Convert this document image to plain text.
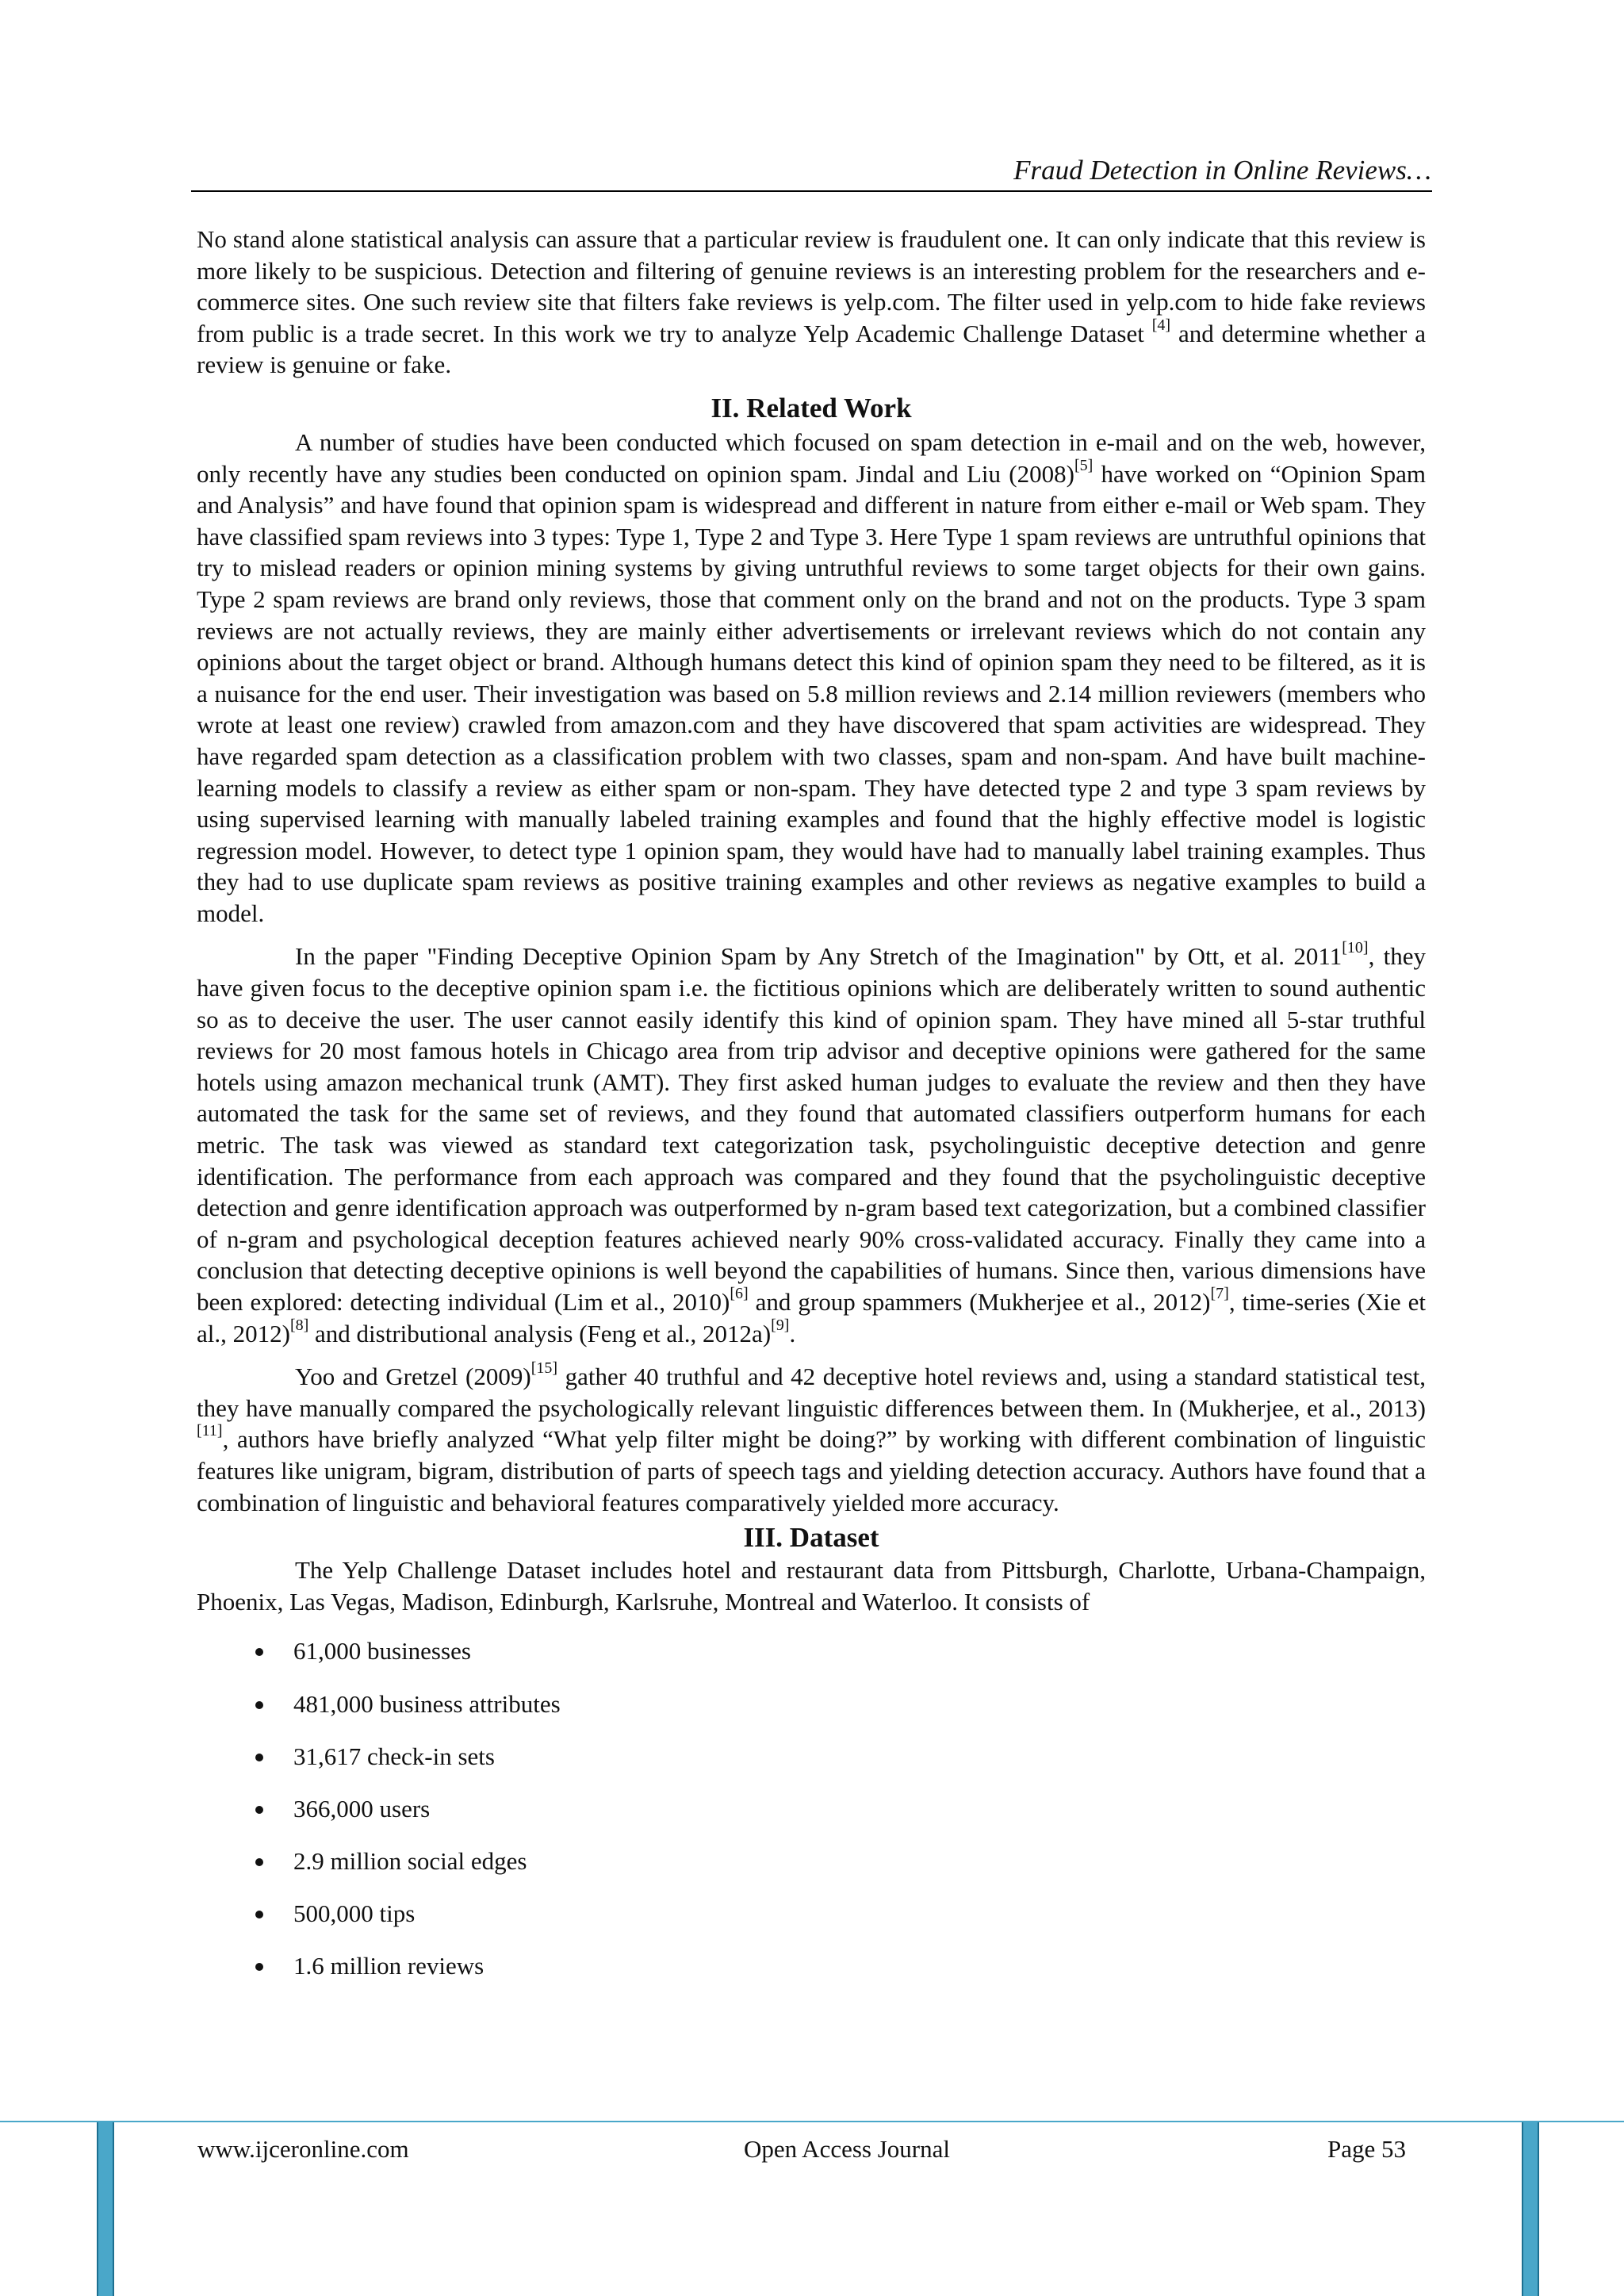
Fraud Detection in Online Reviews…

No stand alone statistical analysis can assure that a particular review is fraudulent one. It can only indicate that this review is more likely to be suspicious. Detection and filtering of genuine reviews is an interesting problem for the researchers and e-commerce sites. One such review site that filters fake reviews is yelp.com. The filter used in yelp.com to hide fake reviews from public is a trade secret. In this work we try to analyze Yelp Academic Challenge Dataset [4] and determine whether a review is genuine or fake.

II. Related Work

A number of studies have been conducted which focused on spam detection in e-mail and on the web, however, only recently have any studies been conducted on opinion spam. Jindal and Liu (2008)[5] have worked on “Opinion Spam and Analysis” and have found that opinion spam is widespread and different in nature from either e-mail or Web spam. They have classified spam reviews into 3 types: Type 1, Type 2 and Type 3. Here Type 1 spam reviews are untruthful opinions that try to mislead readers or opinion mining systems by giving untruthful reviews to some target objects for their own gains. Type 2 spam reviews are brand only reviews, those that comment only on the brand and not on the products. Type 3 spam reviews are not actually reviews, they are mainly either advertisements or irrelevant reviews which do not contain any opinions about the target object or brand. Although humans detect this kind of opinion spam they need to be filtered, as it is a nuisance for the end user. Their investigation was based on 5.8 million reviews and 2.14 million reviewers (members who wrote at least one review) crawled from amazon.com and they have discovered that spam activities are widespread. They have regarded spam detection as a classification problem with two classes, spam and non-spam. And have built machine-learning models to classify a review as either spam or non-spam. They have detected type 2 and type 3 spam reviews by using supervised learning with manually labeled training examples and found that the highly effective model is logistic regression model. However, to detect type 1 opinion spam, they would have had to manually label training examples. Thus they had to use duplicate spam reviews as positive training examples and other reviews as negative examples to build a model.

In the paper "Finding Deceptive Opinion Spam by Any Stretch of the Imagination" by Ott, et al. 2011[10], they have given focus to the deceptive opinion spam i.e. the fictitious opinions which are deliberately written to sound authentic so as to deceive the user. The user cannot easily identify this kind of opinion spam. They have mined all 5-star truthful reviews for 20 most famous hotels in Chicago area from trip advisor and deceptive opinions were gathered for the same hotels using amazon mechanical trunk (AMT). They first asked human judges to evaluate the review and then they have automated the task for the same set of reviews, and they found that automated classifiers outperform humans for each metric. The task was viewed as standard text categorization task, psycholinguistic deceptive detection and genre identification. The performance from each approach was compared and they found that the psycholinguistic deceptive detection and genre identification approach was outperformed by n-gram based text categorization, but a combined classifier of n-gram and psychological deception features achieved nearly 90% cross-validated accuracy. Finally they came into a conclusion that detecting deceptive opinions is well beyond the capabilities of humans. Since then, various dimensions have been explored: detecting individual (Lim et al., 2010)[6] and group spammers (Mukherjee et al., 2012)[7], time-series (Xie et al., 2012)[8] and distributional analysis (Feng et al., 2012a)[9].

Yoo and Gretzel (2009)[15] gather 40 truthful and 42 deceptive hotel reviews and, using a standard statistical test, they have manually compared the psychologically relevant linguistic differences between them. In (Mukherjee, et al., 2013)[11], authors have briefly analyzed “What yelp filter might be doing?” by working with different combination of linguistic features like unigram, bigram, distribution of parts of speech tags and yielding detection accuracy. Authors have found that a combination of linguistic and behavioral features comparatively yielded more accuracy.

III. Dataset

The Yelp Challenge Dataset includes hotel and restaurant data from Pittsburgh, Charlotte, Urbana-Champaign, Phoenix, Las Vegas, Madison, Edinburgh, Karlsruhe, Montreal and Waterloo. It consists of

61,000 businesses
481,000 business attributes
31,617 check-in sets
366,000 users
2.9 million social edges
500,000 tips
1.6 million reviews
www.ijceronline.com	Open Access Journal	Page 53
